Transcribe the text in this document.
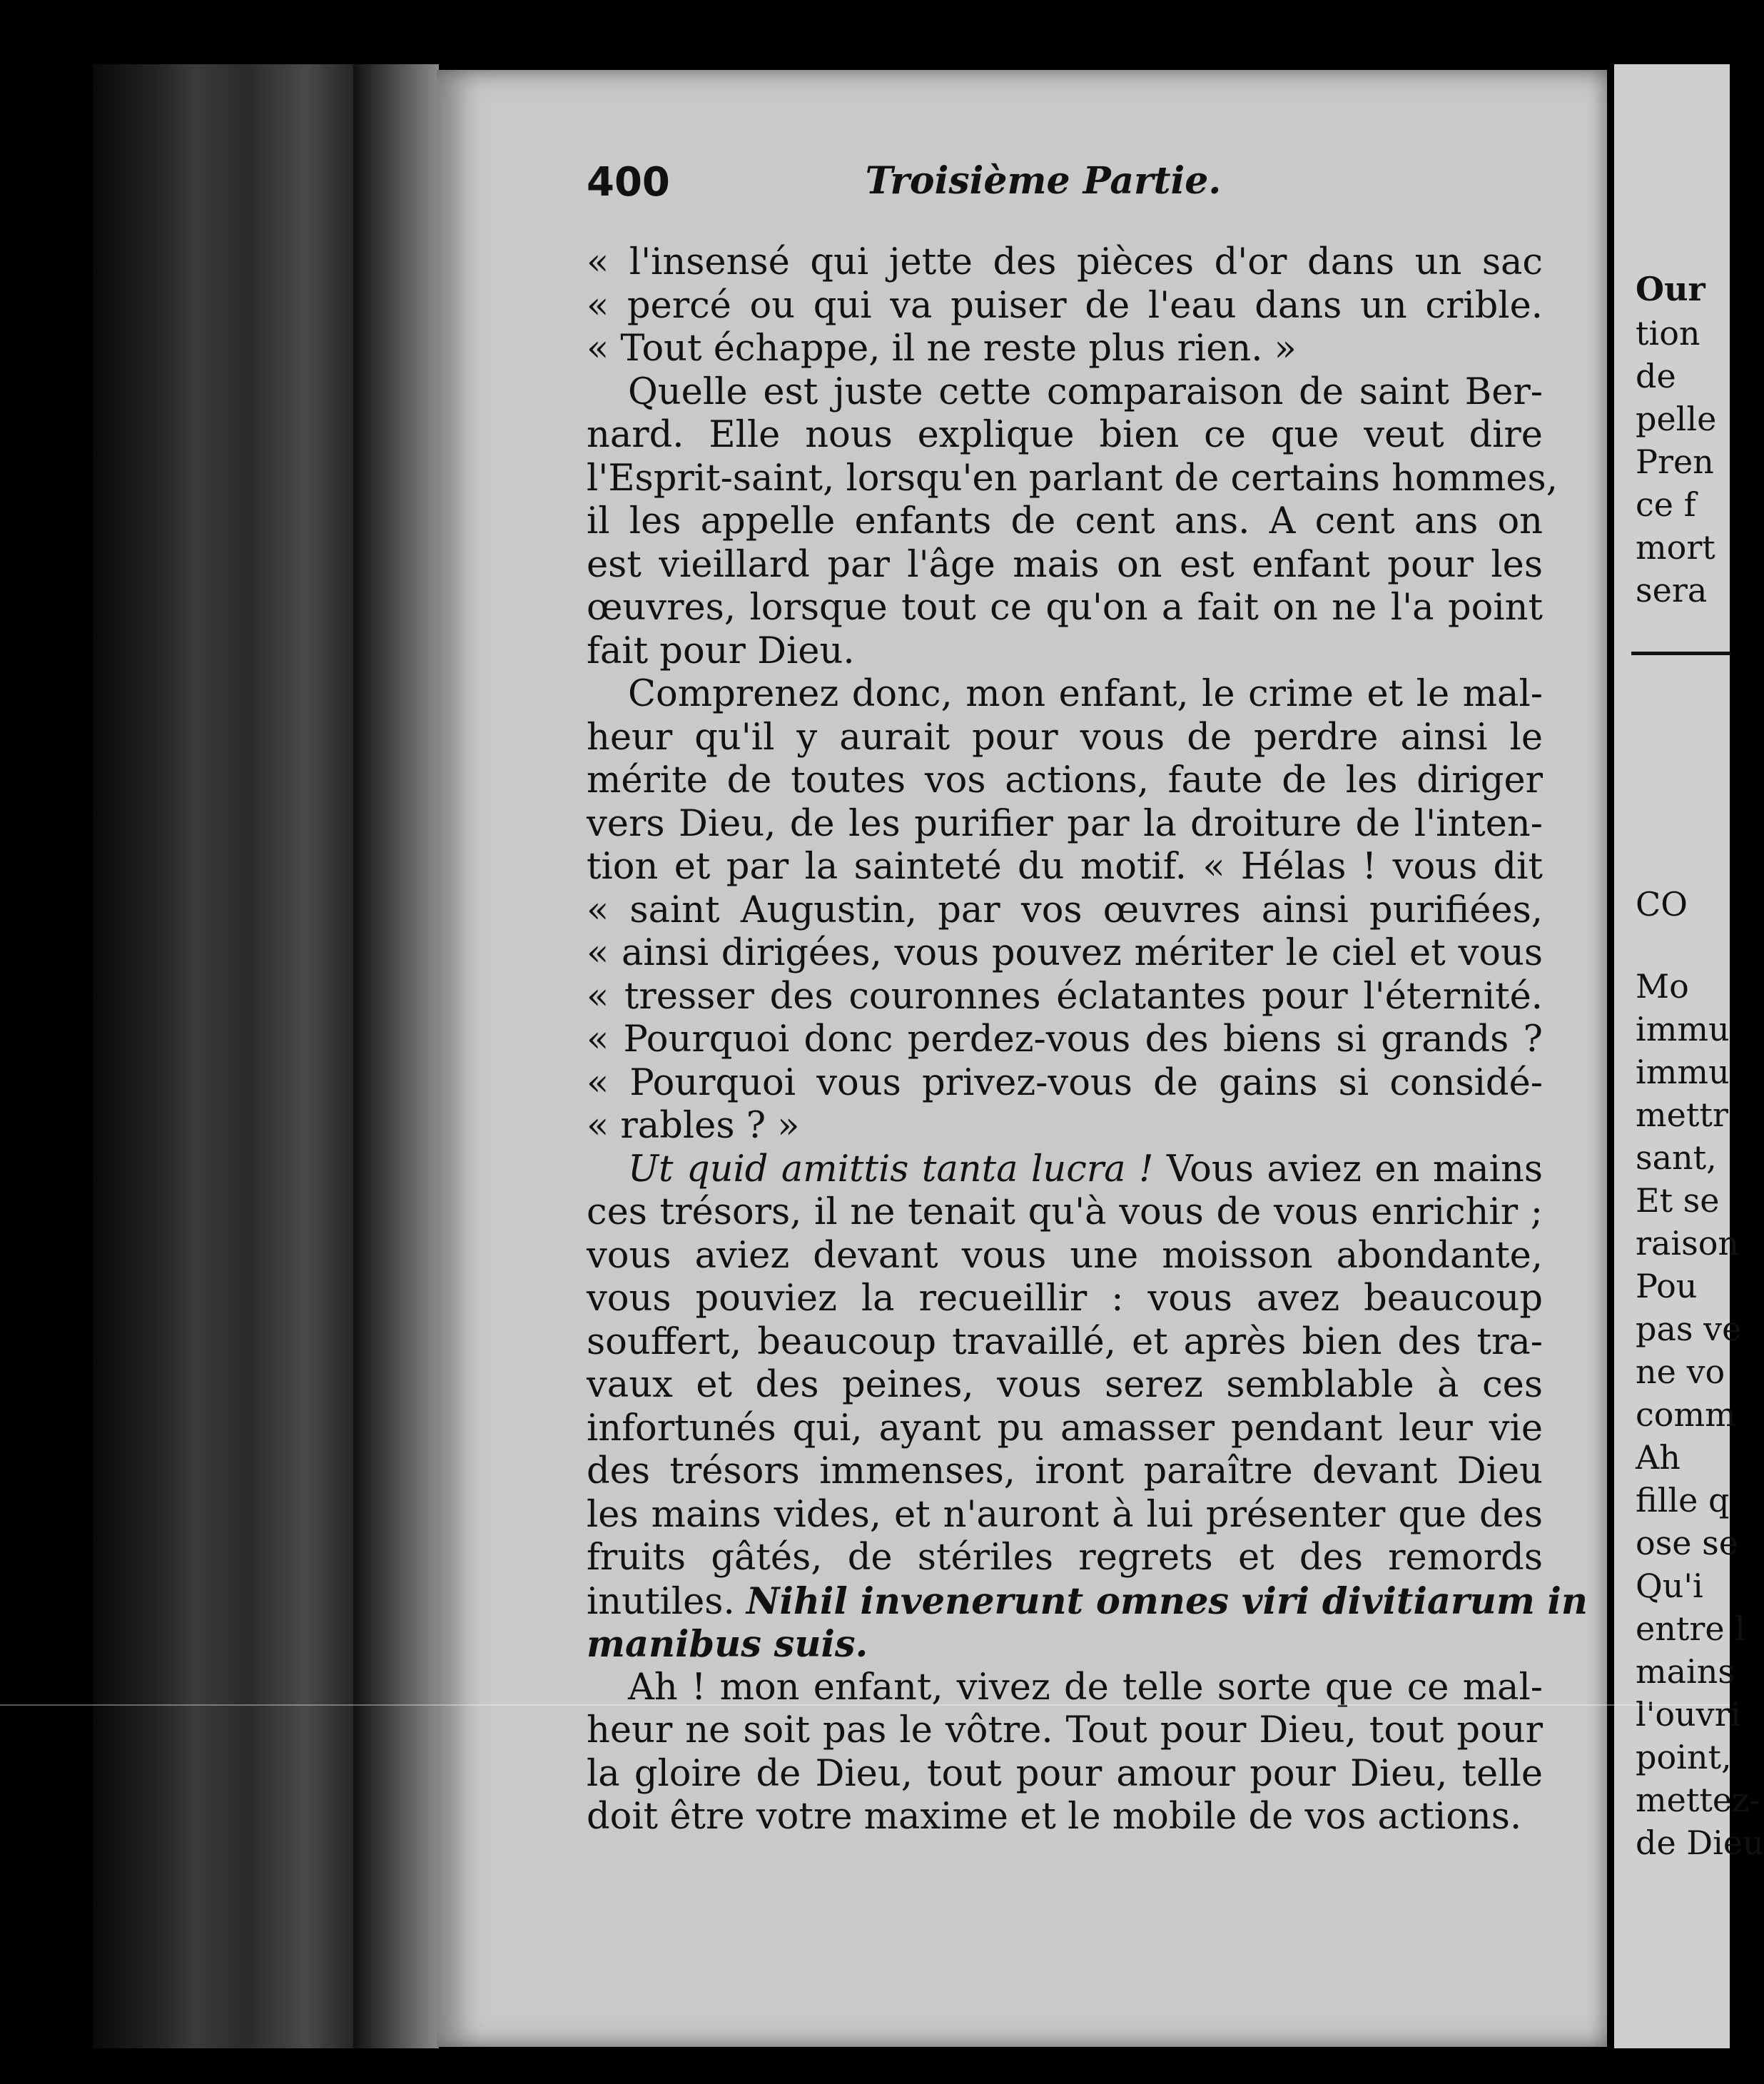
400	Troisième Partie.
« l'insensé qui jette des pièces d'or dans un sac
« percé ou qui va puiser de l'eau dans un crible.
« Tout échappe, il ne reste plus rien. »
Quelle est juste cette comparaison de saint Ber-
nard. Elle nous explique bien ce que veut dire
l'Esprit-saint, lorsqu'en parlant de certains hommes,
il les appelle enfants de cent ans. A cent ans on
est vieillard par l'âge mais on est enfant pour les
œuvres, lorsque tout ce qu'on a fait on ne l'a point
fait pour Dieu.
Comprenez donc, mon enfant, le crime et le mal-
heur qu'il y aurait pour vous de perdre ainsi le
mérite de toutes vos actions, faute de les diriger
vers Dieu, de les purifier par la droiture de l'inten-
tion et par la sainteté du motif. « Hélas ! vous dit
« saint Augustin, par vos œuvres ainsi purifiées,
« ainsi dirigées, vous pouvez mériter le ciel et vous
« tresser des couronnes éclatantes pour l'éternité.
« Pourquoi donc perdez-vous des biens si grands ?
« Pourquoi vous privez-vous de gains si considé-
« rables ? »
Ut quid amittis tanta lucra ! Vous aviez en mains
ces trésors, il ne tenait qu'à vous de vous enrichir ;
vous aviez devant vous une moisson abondante,
vous pouviez la recueillir : vous avez beaucoup
souffert, beaucoup travaillé, et après bien des tra-
vaux et des peines, vous serez semblable à ces
infortunés qui, ayant pu amasser pendant leur vie
des trésors immenses, iront paraître devant Dieu
les mains vides, et n'auront à lui présenter que des
fruits gâtés, de stériles regrets et des remords
inutiles. Nihil invenerunt omnes viri divitiarum in
manibus suis.
Ah ! mon enfant, vivez de telle sorte que ce mal-
heur ne soit pas le vôtre. Tout pour Dieu, tout pour
la gloire de Dieu, tout pour amour pour Dieu, telle
doit être votre maxime et le mobile de vos actions.
Our
tion
de
pelle
Pren
ce f
mort
sera
CO
Mo
immu
immu
mettr
sant,
Et se
raison
Pou
pas ve
ne vo
comm
Ah
fille q
ose se
Qu'i
entre l
mains
l'ouvri
point,
mettez-
de Dieu
